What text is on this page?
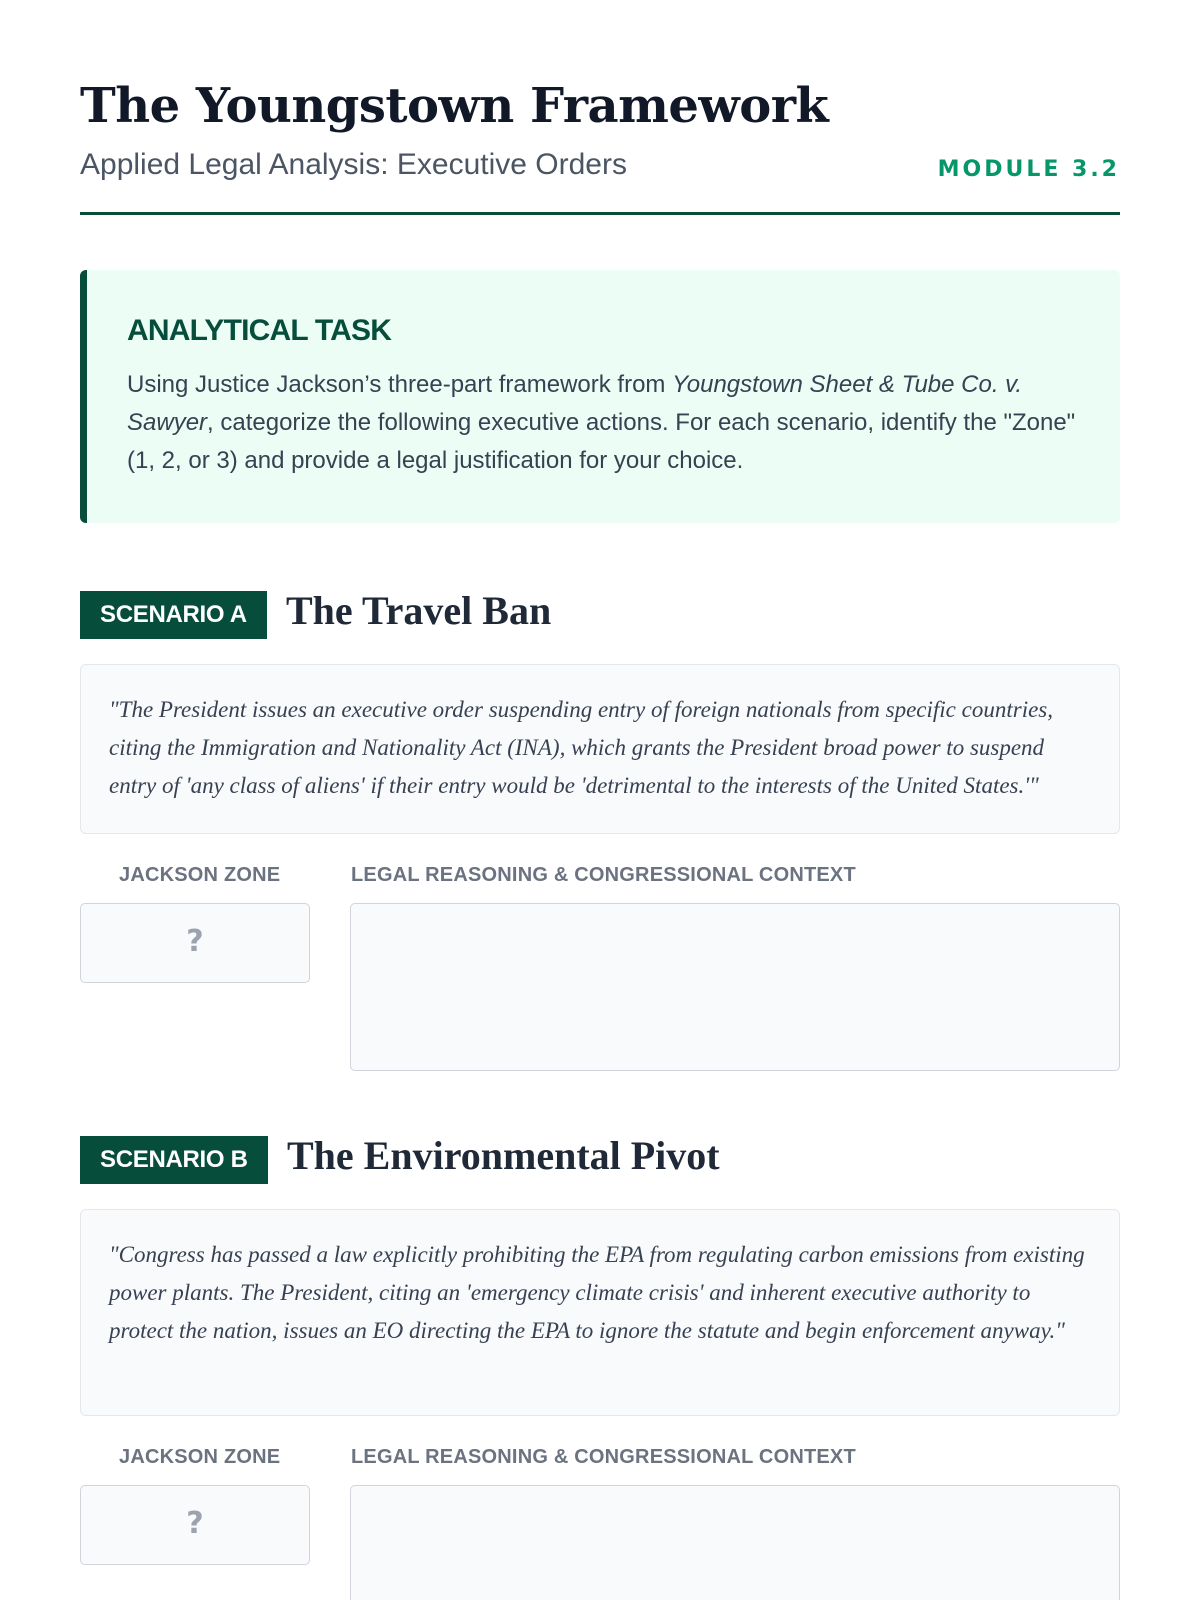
The Youngstown Framework
Applied Legal Analysis: Executive Orders	MODULE 3.2
ANALYTICAL TASK

Using Justice Jackson’s three-part framework from Youngstown Sheet & Tube Co. v. Sawyer, categorize the following executive actions. For each scenario, identify the "Zone" (1, 2, or 3) and provide a legal justification for your choice.

SCENARIO A The Travel Ban
"The President issues an executive order suspending entry of foreign nationals from specific countries, citing the Immigration and Nationality Act (INA), which grants the President broad power to suspend entry of 'any class of aliens' if their entry would be 'detrimental to the interests of the United States.'"
JACKSON ZONE	LEGAL REASONING & CONGRESSIONAL CONTEXT
?
SCENARIO B The Environmental Pivot
"Congress has passed a law explicitly prohibiting the EPA from regulating carbon emissions from existing power plants. The President, citing an 'emergency climate crisis' and inherent executive authority to protect the nation, issues an EO directing the EPA to ignore the statute and begin enforcement anyway."
JACKSON ZONE	LEGAL REASONING & CONGRESSIONAL CONTEXT
?
